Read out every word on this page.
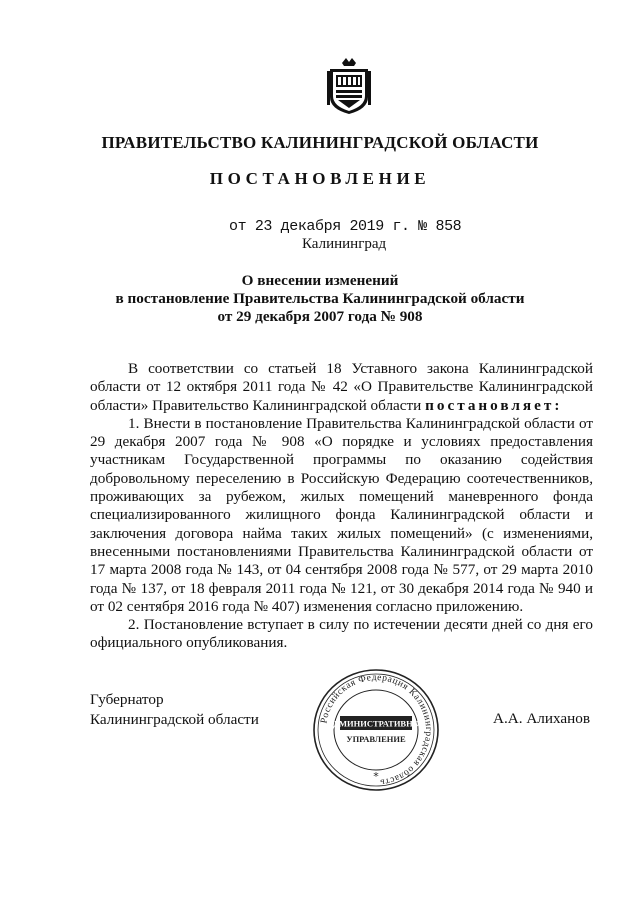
ПРАВИТЕЛЬСТВО КАЛИНИНГРАДСКОЙ ОБЛАСТИ
ПОСТАНОВЛЕНИЕ
от 23 декабря 2019 г. № 858
Калининград
О внесении изменений
в постановление Правительства Калининградской области
от 29 декабря 2007 года № 908

В соответствии со статьей 18 Уставного закона Калининградской области от 12 октября 2011 года № 42 «О Правительстве Калининградской области» Правительство Калининградской области постановляет:

1. Внести в постановление Правительства Калининградской области от 29 декабря 2007 года № 908 «О порядке и условиях предоставления участникам Государственной программы по оказанию содействия добровольному переселению в Российскую Федерацию соотечественников, проживающих за рубежом, жилых помещений маневренного фонда специализированного жилищного фонда Калининградской области и заключения договора найма таких жилых помещений» (с изменениями, внесенными постановлениями Правительства Калининградской области от 17 марта 2008 года № 143, от 04 сентября 2008 года № 577, от 29 марта 2010 года № 137, от 18 февраля 2011 года № 121, от 30 декабря 2014 года № 940 и от 02 сентября 2016 года № 407) изменения согласно приложению.

2. Постановление вступает в силу по истечении десяти дней со дня его официального опубликования.

Губернатор
Калининградской области	Российская Федерация Калининградская область
АДМИНИСТРАТИВНОЕ
УПРАВЛЕНИЕ
*
А.А. Алиханов
